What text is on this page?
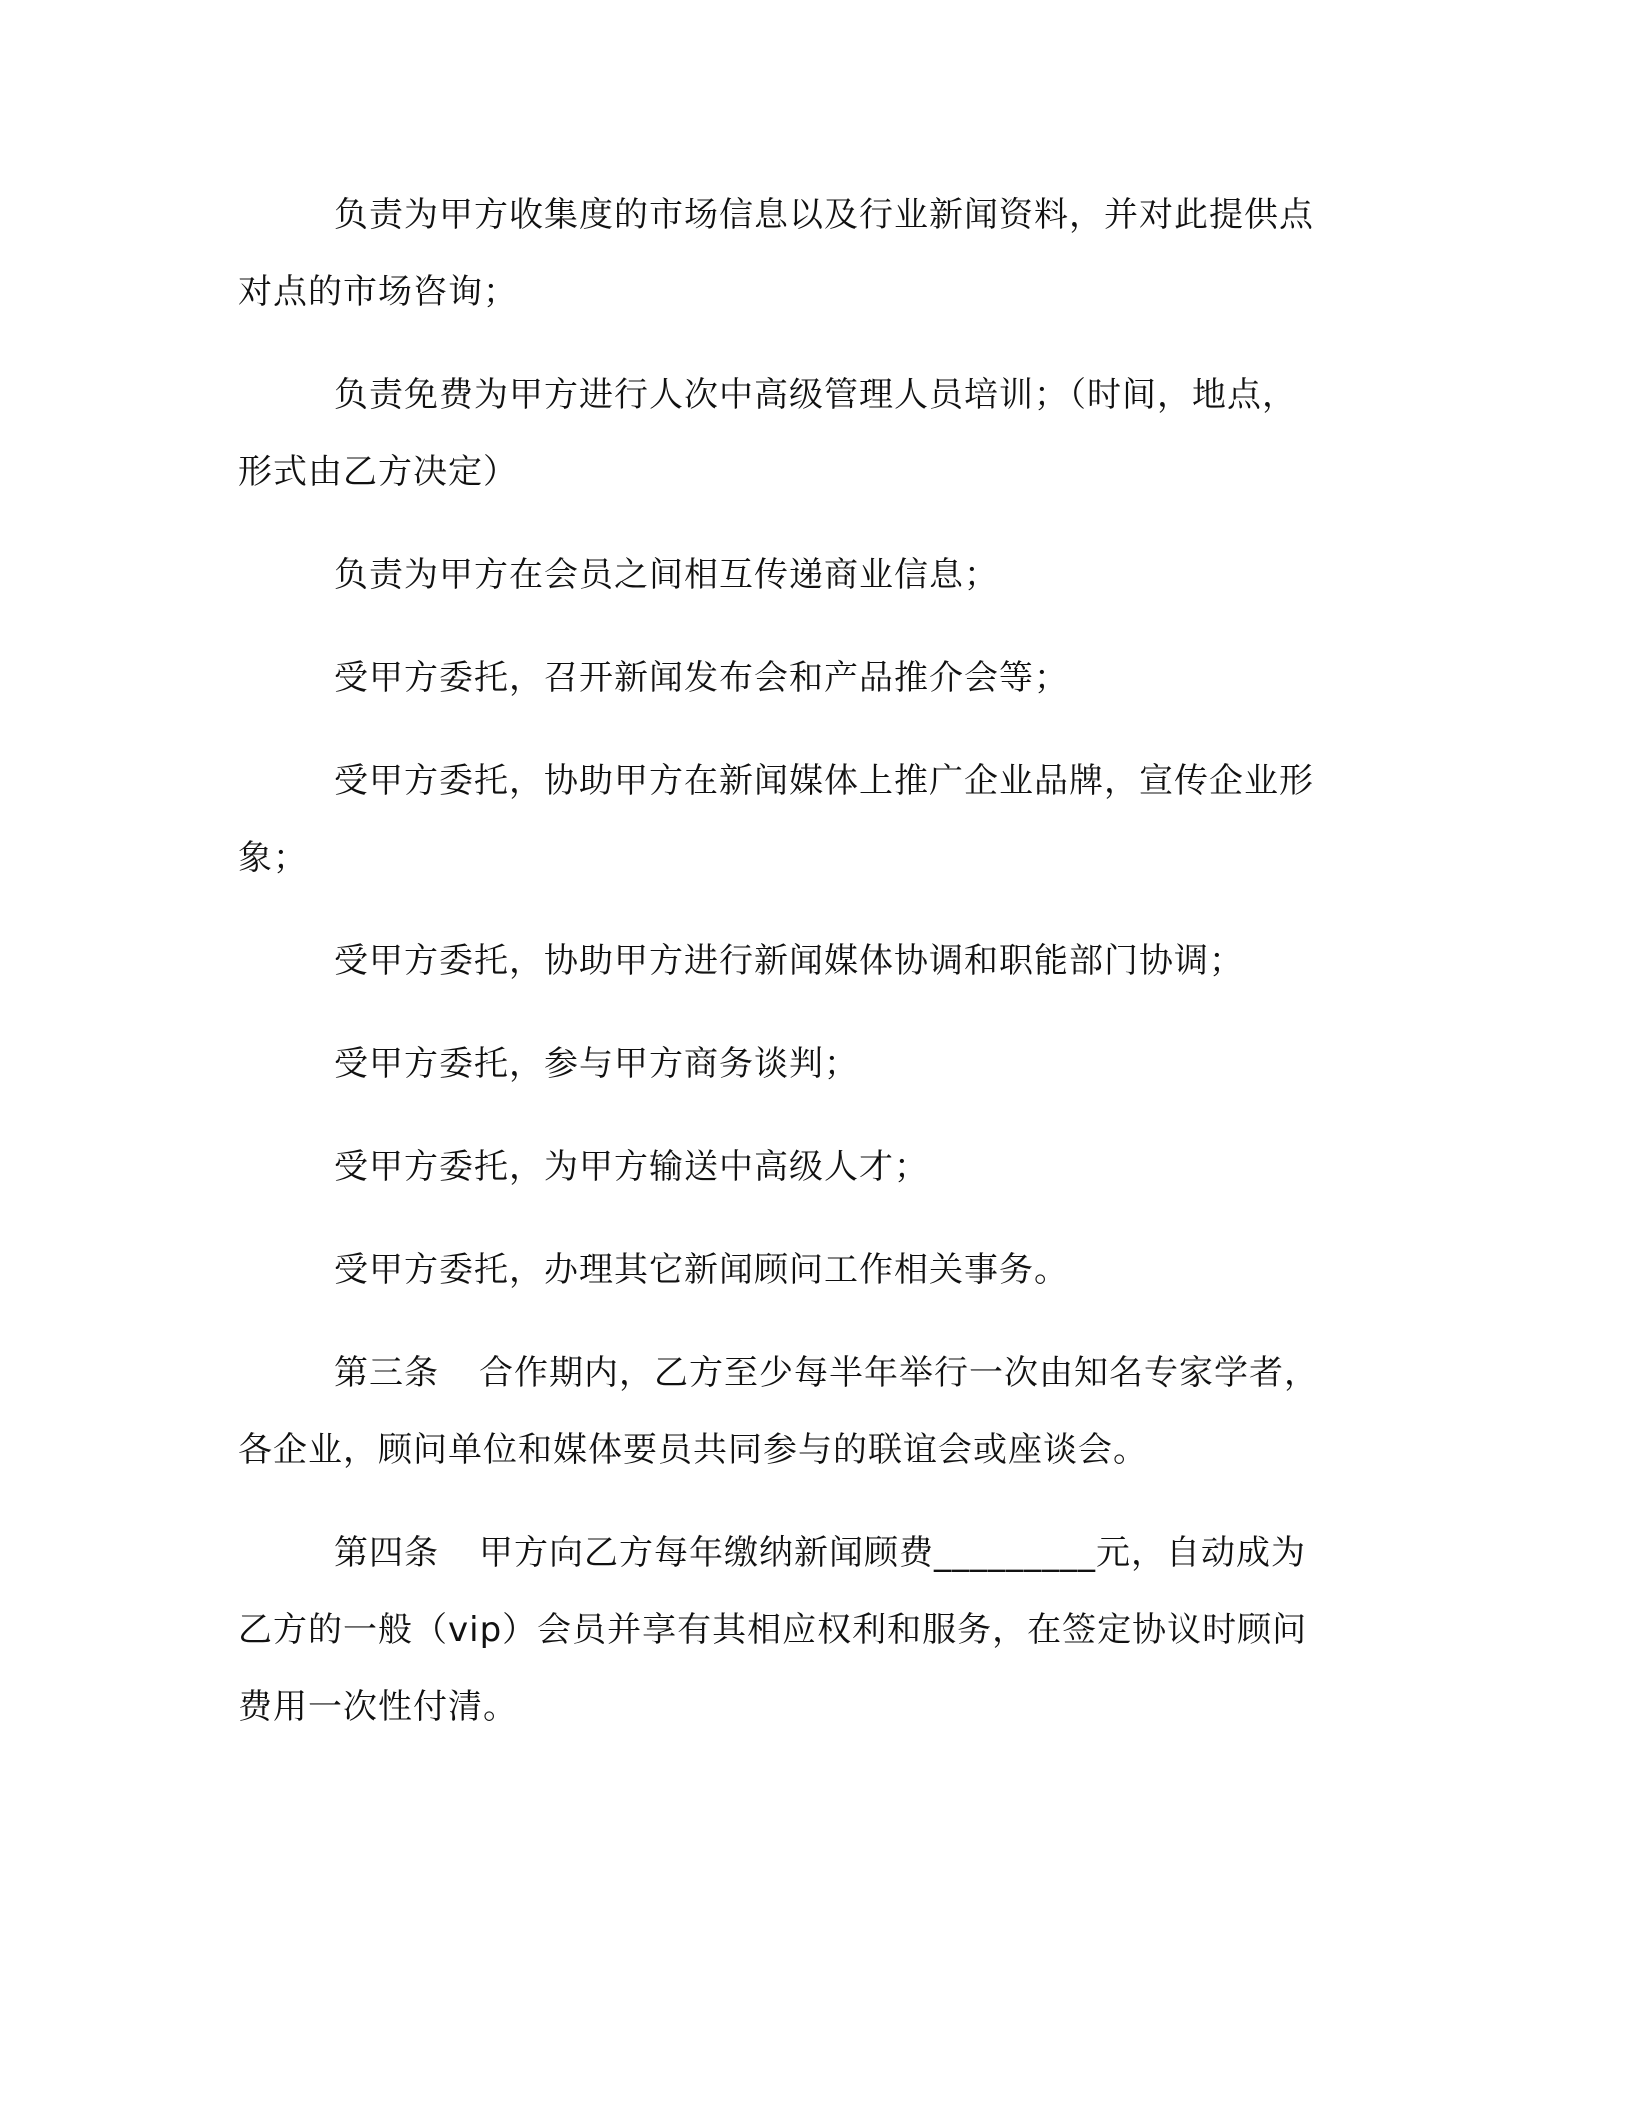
负责为甲方收集度的市场信息以及行业新闻资料，并对此提供点
对点的市场咨询；
负责免费为甲方进行人次中高级管理人员培训；（时间，地点，
形式由乙方决定）
负责为甲方在会员之间相互传递商业信息；
受甲方委托，召开新闻发布会和产品推介会等；
受甲方委托，协助甲方在新闻媒体上推广企业品牌，宣传企业形
象；
受甲方委托，协助甲方进行新闻媒体协调和职能部门协调；
受甲方委托，参与甲方商务谈判；
受甲方委托，为甲方输送中高级人才；
受甲方委托，办理其它新闻顾问工作相关事务。
第三条 合作期内，乙方至少每半年举行一次由知名专家学者，
各企业，顾问单位和媒体要员共同参与的联谊会或座谈会。
第四条 甲方向乙方每年缴纳新闻顾费_________元，自动成为
乙方的一般（vip）会员并享有其相应权利和服务，在签定协议时顾问
费用一次性付清。
